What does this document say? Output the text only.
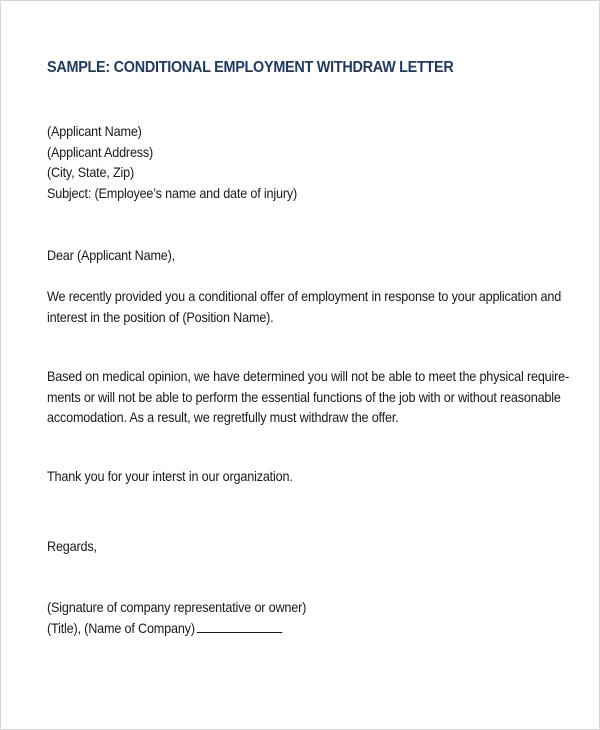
SAMPLE: CONDITIONAL EMPLOYMENT WITHDRAW LETTER
(Applicant Name)
(Applicant Address)
(City, State, Zip)
Subject: (Employee’s name and date of injury)
Dear (Applicant Name),
We recently provided you a conditional offer of employment in response to your application and
interest in the position of (Position Name).
Based on medical opinion, we have determined you will not be able to meet the physical require-
ments or will not be able to perform the essential functions of the job with or without reasonable
accomodation. As a result, we regretfully must withdraw the offer.
Thank you for your interst in our organization.
Regards,
(Signature of company representative or owner)
(Title), (Name of Company)
